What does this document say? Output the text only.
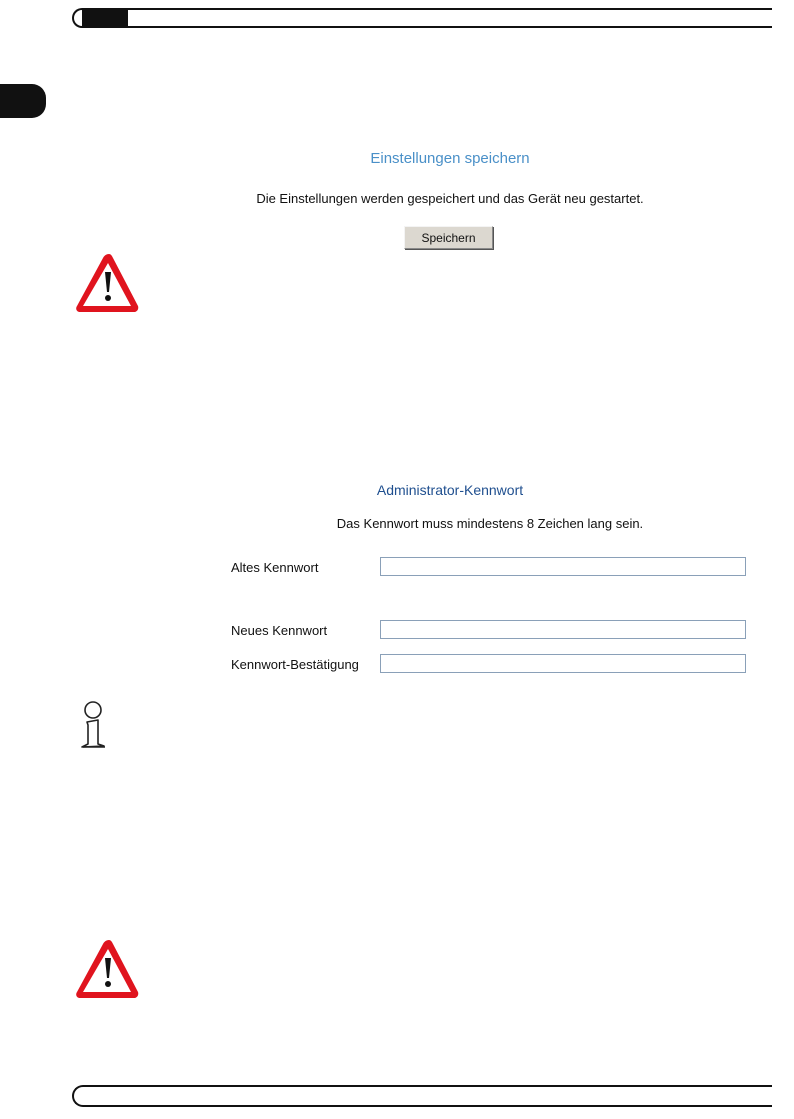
Einstellungen speichern
Die Einstellungen werden gespeichert und das Gerät neu gestartet.
Speichern
Administrator-Kennwort
Das Kennwort muss mindestens 8 Zeichen lang sein.
Altes Kennwort
Neues Kennwort
Kennwort-Bestätigung
